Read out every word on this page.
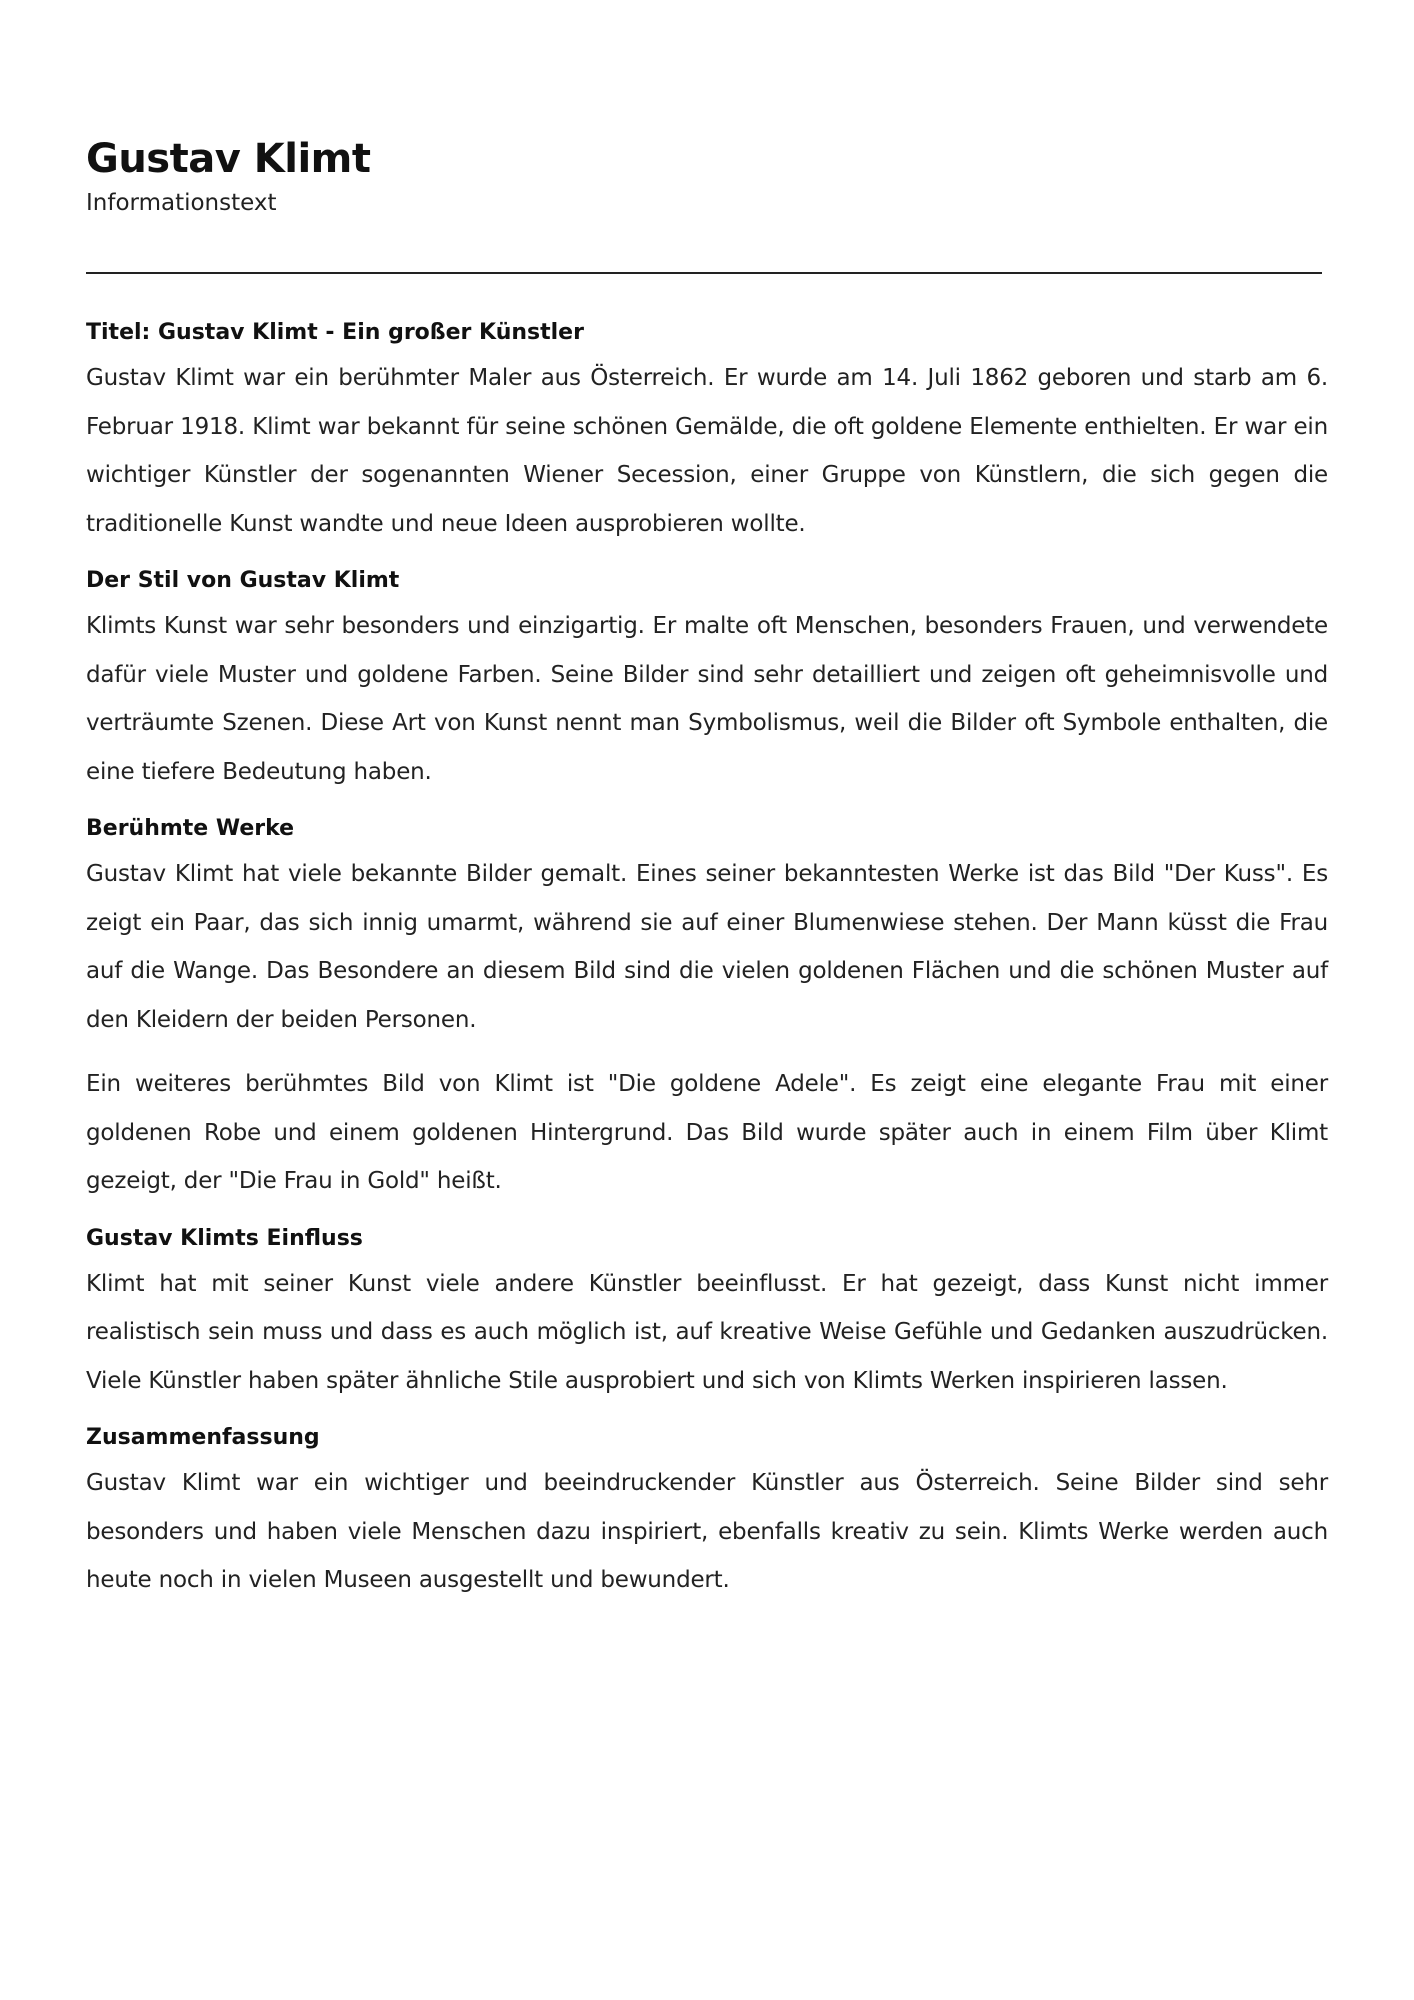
Gustav Klimt

Informationstext

Titel: Gustav Klimt - Ein großer Künstler

Gustav Klimt war ein berühmter Maler aus Österreich. Er wurde am 14. Juli 1862 geboren und starb am 6. Februar 1918. Klimt war bekannt für seine schönen Gemälde, die oft goldene Elemente enthielten. Er war ein wichtiger Künstler der sogenannten Wiener Secession, einer Gruppe von Künstlern, die sich gegen die traditionelle Kunst wandte und neue Ideen ausprobieren wollte.

Der Stil von Gustav Klimt

Klimts Kunst war sehr besonders und einzigartig. Er malte oft Menschen, besonders Frauen, und verwendete dafür viele Muster und goldene Farben. Seine Bilder sind sehr detailliert und zeigen oft geheimnisvolle und verträumte Szenen. Diese Art von Kunst nennt man Symbolismus, weil die Bilder oft Symbole enthalten, die eine tiefere Bedeutung haben.

Berühmte Werke

Gustav Klimt hat viele bekannte Bilder gemalt. Eines seiner bekanntesten Werke ist das Bild "Der Kuss". Es zeigt ein Paar, das sich innig umarmt, während sie auf einer Blumenwiese stehen. Der Mann küsst die Frau auf die Wange. Das Besondere an diesem Bild sind die vielen goldenen Flächen und die schönen Muster auf den Kleidern der beiden Personen.

Ein weiteres berühmtes Bild von Klimt ist "Die goldene Adele". Es zeigt eine elegante Frau mit einer goldenen Robe und einem goldenen Hintergrund. Das Bild wurde später auch in einem Film über Klimt gezeigt, der "Die Frau in Gold" heißt.

Gustav Klimts Einfluss

Klimt hat mit seiner Kunst viele andere Künstler beeinflusst. Er hat gezeigt, dass Kunst nicht immer realistisch sein muss und dass es auch möglich ist, auf kreative Weise Gefühle und Gedanken auszudrücken. Viele Künstler haben später ähnliche Stile ausprobiert und sich von Klimts Werken inspirieren lassen.

Zusammenfassung

Gustav Klimt war ein wichtiger und beeindruckender Künstler aus Österreich. Seine Bilder sind sehr besonders und haben viele Menschen dazu inspiriert, ebenfalls kreativ zu sein. Klimts Werke werden auch heute noch in vielen Museen ausgestellt und bewundert.
